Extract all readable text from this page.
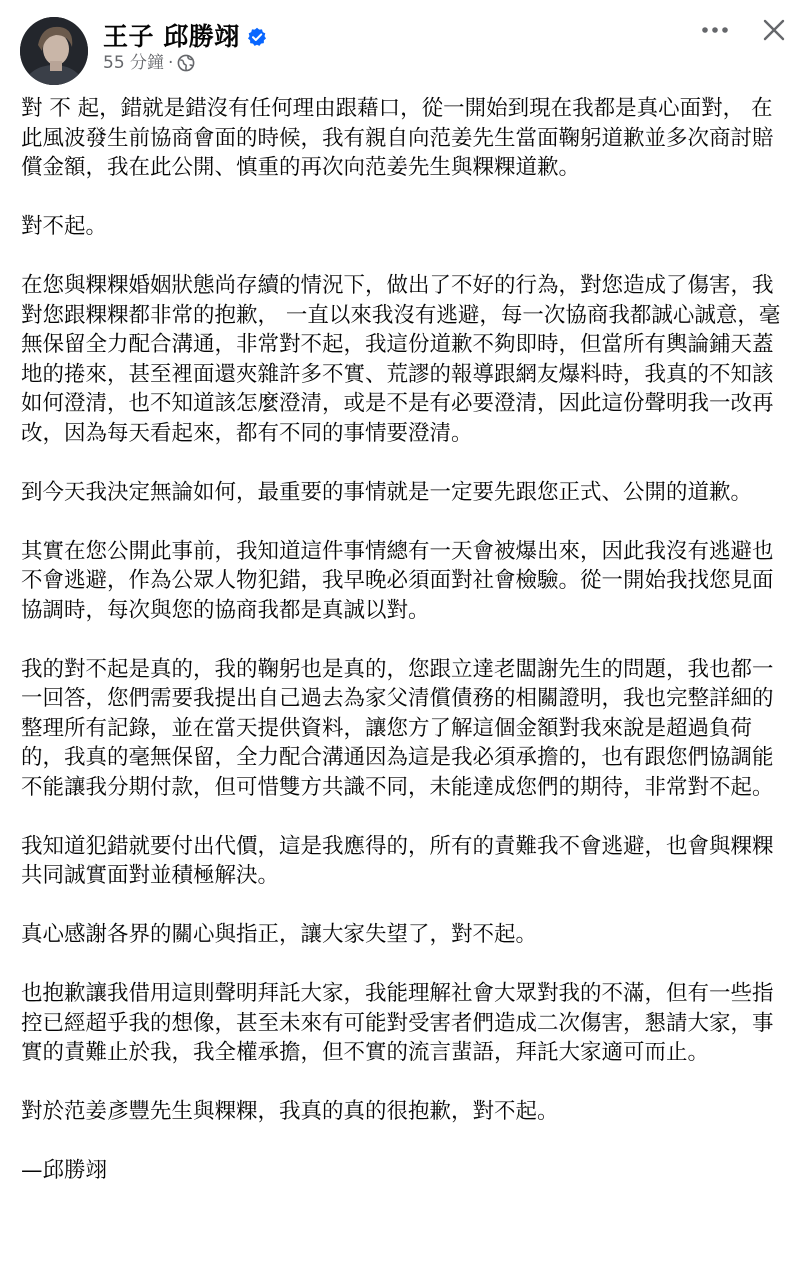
王子 邱勝翊
55 分鐘 ·

對 不 起，錯就是錯沒有任何理由跟藉口，從一開始到現在我都是真心面對， 在此風波發生前協商會面的時候，我有親自向范姜先生當面鞠躬道歉並多次商討賠償金額，我在此公開、慎重的再次向范姜先生與粿粿道歉。

對不起。

在您與粿粿婚姻狀態尚存續的情況下，做出了不好的行為，對您造成了傷害，我對您跟粿粿都非常的抱歉， 一直以來我沒有逃避，每一次協商我都誠心誠意，毫無保留全力配合溝通，非常對不起，我這份道歉不夠即時，但當所有輿論鋪天蓋地的捲來，甚至裡面還夾雜許多不實、荒謬的報導跟網友爆料時，我真的不知該如何澄清，也不知道該怎麼澄清，或是不是有必要澄清，因此這份聲明我一改再改，因為每天看起來，都有不同的事情要澄清。

到今天我決定無論如何，最重要的事情就是一定要先跟您正式、公開的道歉。

其實在您公開此事前，我知道這件事情總有一天會被爆出來，因此我沒有逃避也不會逃避，作為公眾人物犯錯，我早晚必須面對社會檢驗。從一開始我找您見面協調時，每次與您的協商我都是真誠以對。

我的對不起是真的，我的鞠躬也是真的，您跟立達老闆謝先生的問題，我也都一一回答，您們需要我提出自己過去為家父清償債務的相關證明，我也完整詳細的整理所有記錄，並在當天提供資料，讓您方了解這個金額對我來說是超過負荷的，我真的毫無保留，全力配合溝通因為這是我必須承擔的，也有跟您們協調能不能讓我分期付款，但可惜雙方共識不同，未能達成您們的期待，非常對不起。

我知道犯錯就要付出代價，這是我應得的，所有的責難我不會逃避，也會與粿粿共同誠實面對並積極解決。

真心感謝各界的關心與指正，讓大家失望了，對不起。

也抱歉讓我借用這則聲明拜託大家，我能理解社會大眾對我的不滿，但有一些指控已經超乎我的想像，甚至未來有可能對受害者們造成二次傷害，懇請大家，事實的責難止於我，我全權承擔，但不實的流言蜚語，拜託大家適可而止。

對於范姜彥豐先生與粿粿，我真的真的很抱歉，對不起。

—邱勝翊
